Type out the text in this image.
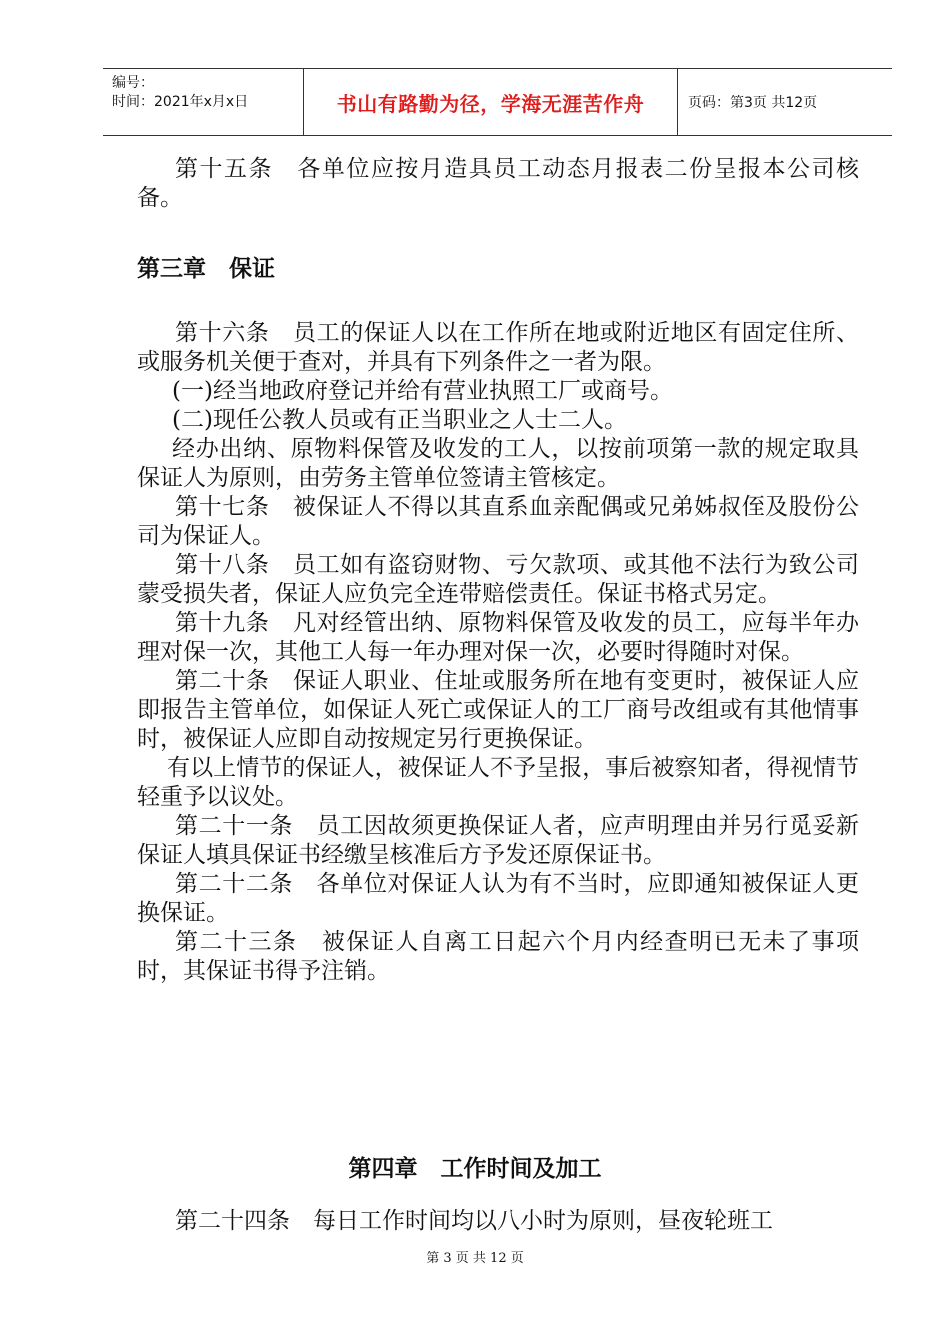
编号：
时间：2021年x月x日	书山有路勤为径，学海无涯苦作舟	页码：第3页 共12页

第十五条　各单位应按月造具员工动态月报表二份呈报本公司核备。

第三章　保证

第十六条　员工的保证人以在工作所在地或附近地区有固定住所、或服务机关便于查对，并具有下列条件之一者为限。

(一)经当地政府登记并给有营业执照工厂或商号。

(二)现任公教人员或有正当职业之人士二人。

经办出纳、原物料保管及收发的工人，以按前项第一款的规定取具保证人为原则，由劳务主管单位签请主管核定。

第十七条　被保证人不得以其直系血亲配偶或兄弟姊叔侄及股份公司为保证人。

第十八条　员工如有盗窃财物、亏欠款项、或其他不法行为致公司蒙受损失者，保证人应负完全连带赔偿责任。保证书格式另定。

第十九条　凡对经管出纳、原物料保管及收发的员工，应每半年办理对保一次，其他工人每一年办理对保一次，必要时得随时对保。

第二十条　保证人职业、住址或服务所在地有变更时，被保证人应即报告主管单位，如保证人死亡或保证人的工厂商号改组或有其他情事时，被保证人应即自动按规定另行更换保证。

有以上情节的保证人，被保证人不予呈报，事后被察知者，得视情节轻重予以议处。

第二十一条　员工因故须更换保证人者，应声明理由并另行觅妥新保证人填具保证书经缴呈核准后方予发还原保证书。

第二十二条　各单位对保证人认为有不当时，应即通知被保证人更换保证。

第二十三条　被保证人自离工日起六个月内经查明已无未了事项时，其保证书得予注销。

第四章　工作时间及加工

第二十四条　每日工作时间均以八小时为原则，昼夜轮班工

第 3 页 共 12 页
